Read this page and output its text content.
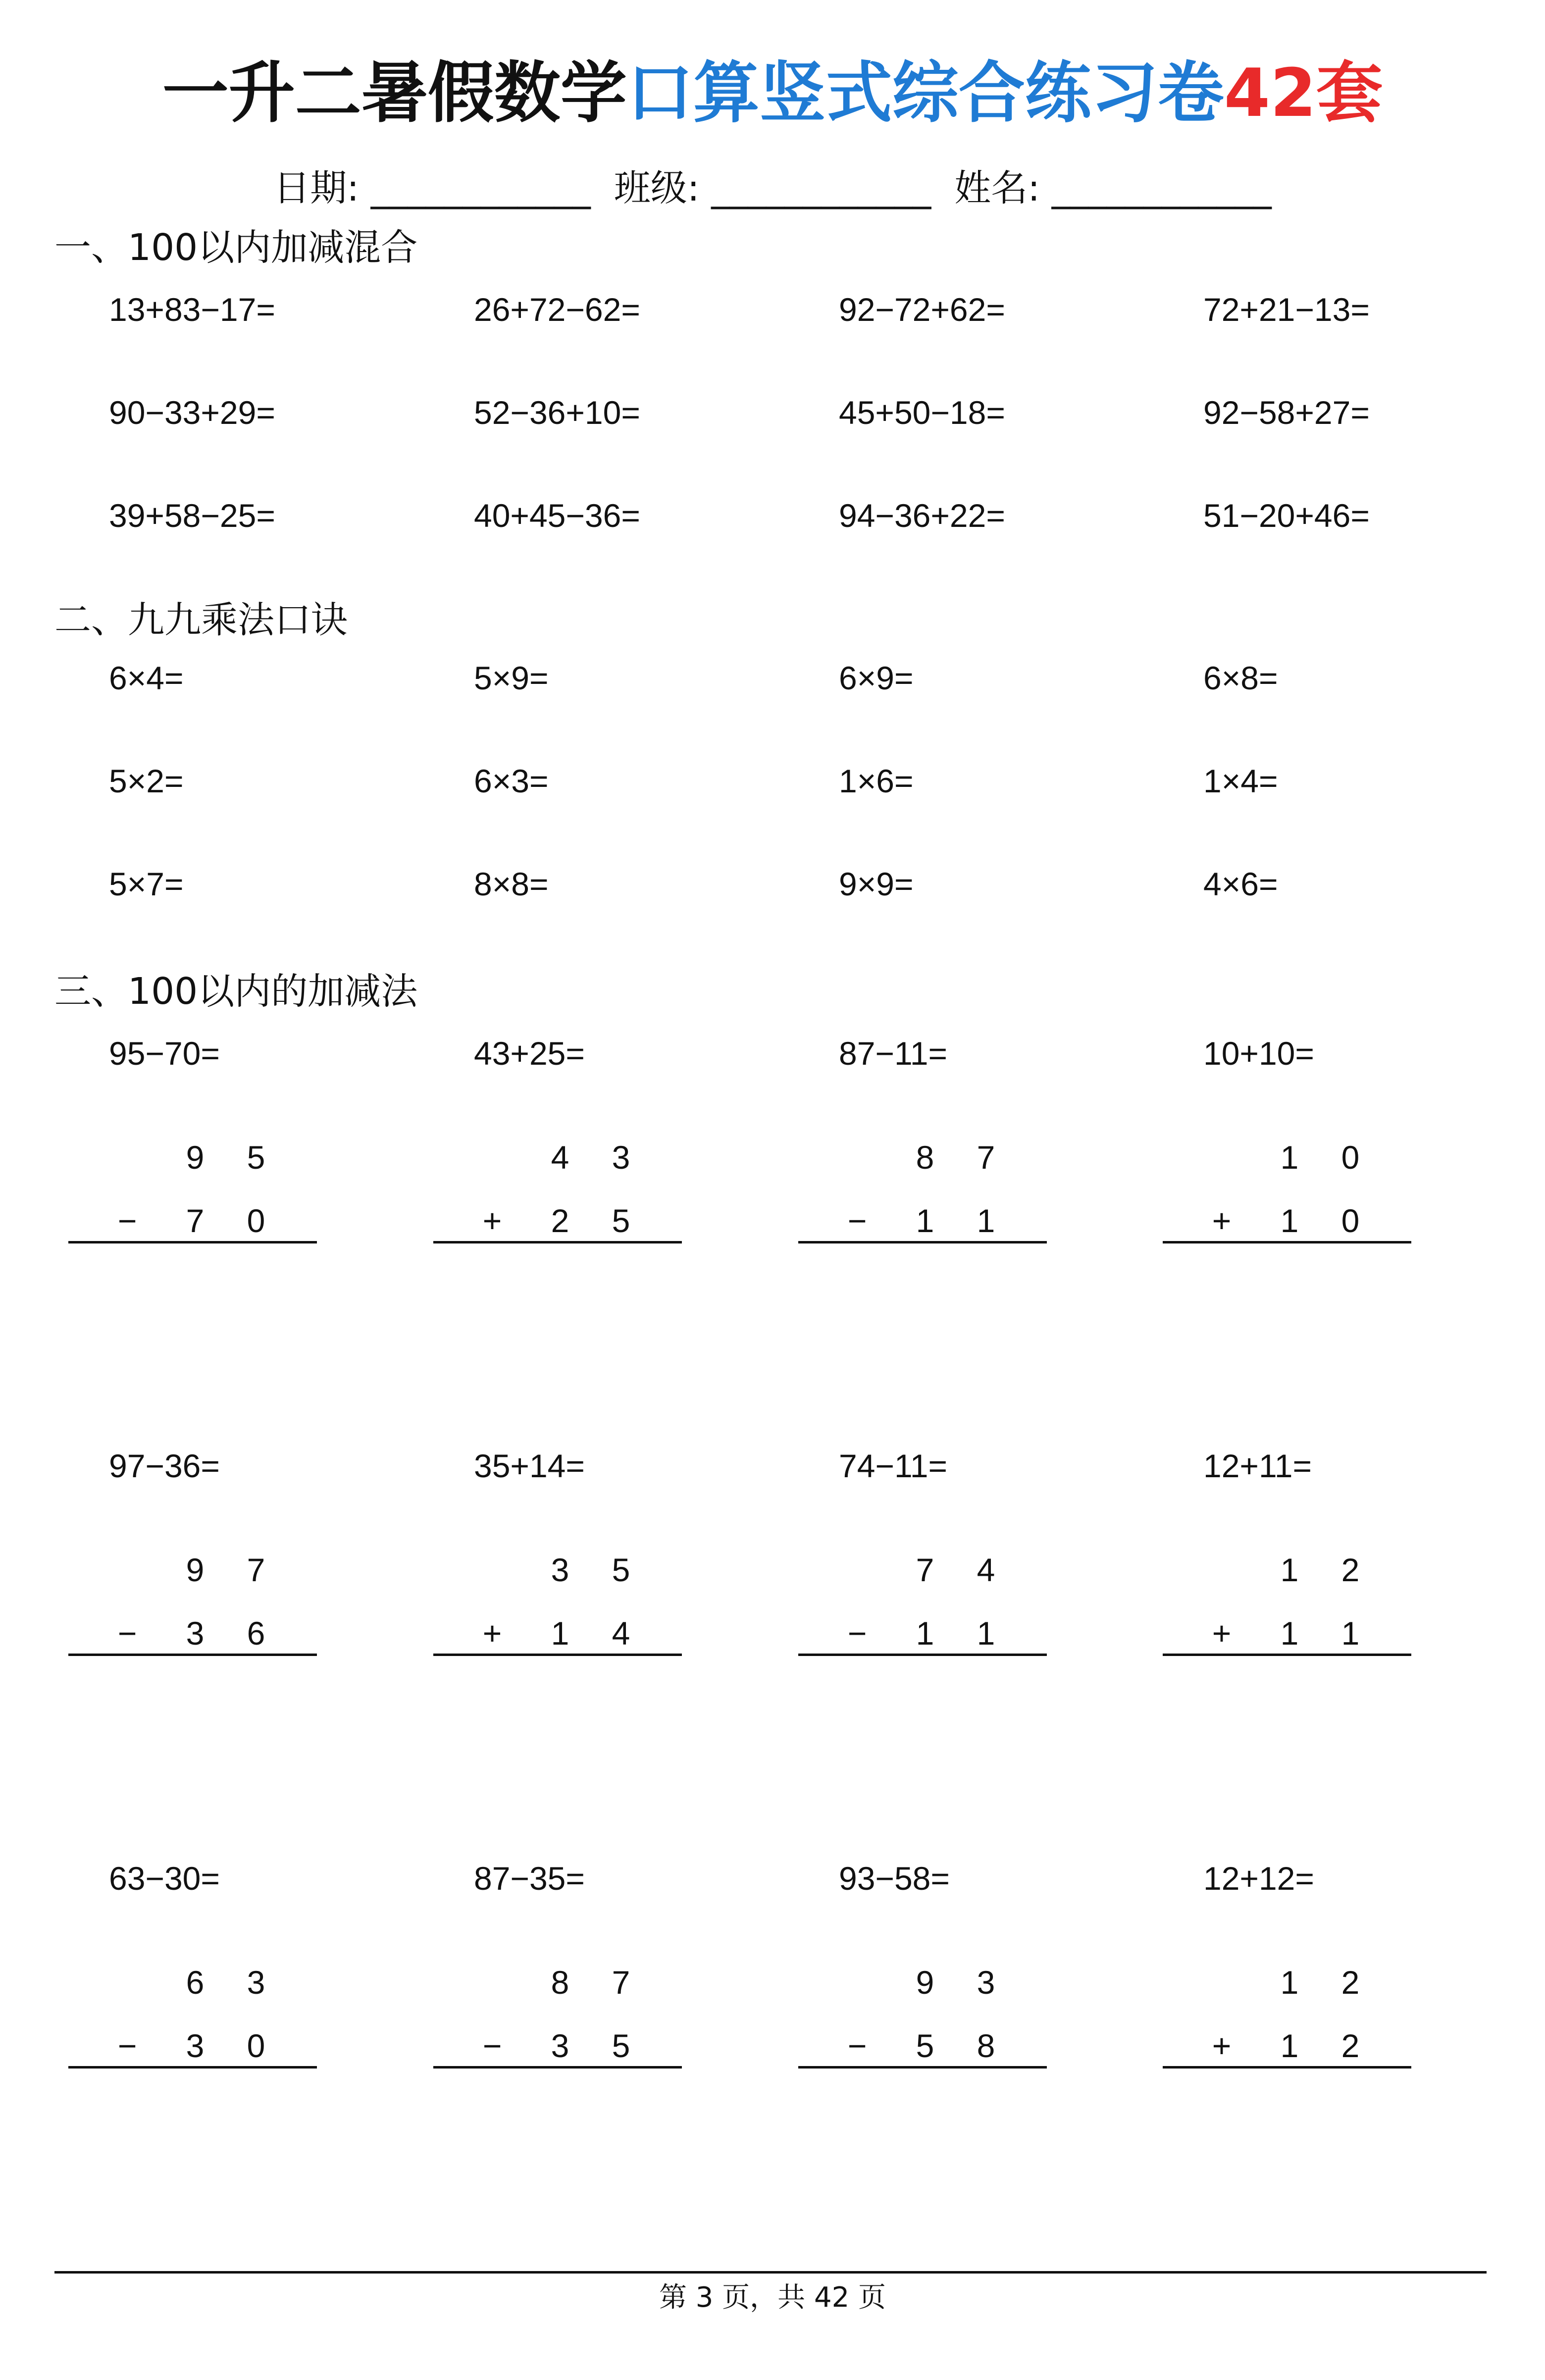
一升二暑假数学口算竖式综合练习卷42套
日期: ____________  班级: ____________  姓名: ____________
一、100以内加减混合
二、九九乘法口诀
三、100以内的加减法
13+83−17=	26+72−62=	92−72+62=	72+21−13=
90−33+29=	52−36+10=	45+50−18=	92−58+27=
39+58−25=	40+45−36=	94−36+22=	51−20+46=
6×4=	5×9=	6×9=	6×8=
5×2=	6×3=	1×6=	1×4=
5×7=	8×8=	9×9=	4×6=
95−70=
9	5
−	7	0
43+25=
4	3
+	2	5
87−11=
8	7
−	1	1
10+10=
1	0
+	1	0
97−36=
9	7
−	3	6
35+14=
3	5
+	1	4
74−11=
7	4
−	1	1
12+11=
1	2
+	1	1
63−30=
6	3
−	3	0
87−35=
8	7
−	3	5
93−58=
9	3
−	5	8
12+12=
1	2
+	1	2
第 3 页，共 42 页
